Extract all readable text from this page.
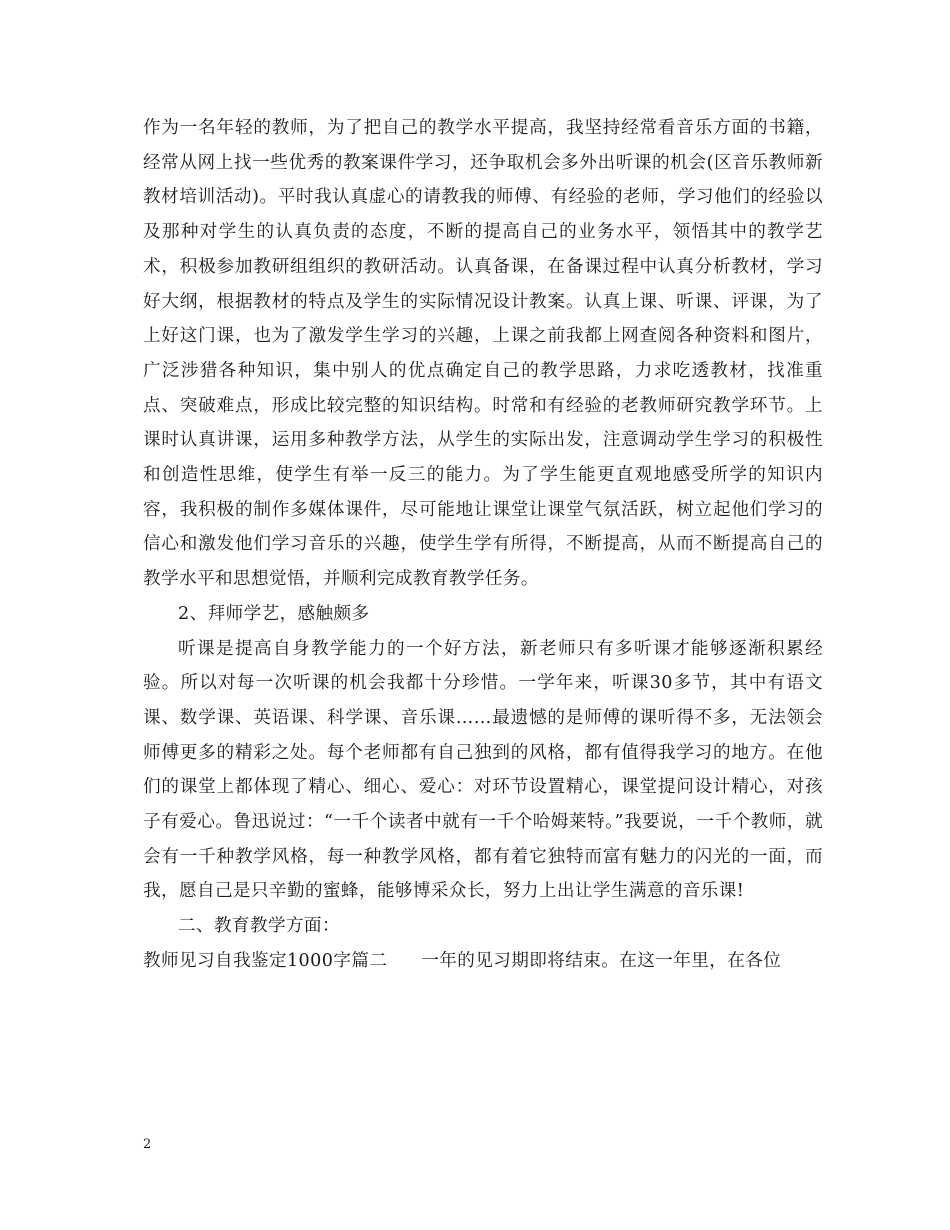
作为一名年轻的教师，为了把自己的教学水平提高，我坚持经常看音乐方面的书籍，经常从网上找一些优秀的教案课件学习，还争取机会多外出听课的机会(区音乐教师新教材培训活动)。平时我认真虚心的请教我的师傅、有经验的老师，学习他们的经验以及那种对学生的认真负责的态度，不断的提高自己的业务水平，领悟其中的教学艺术，积极参加教研组组织的教研活动。认真备课，在备课过程中认真分析教材，学习好大纲，根据教材的特点及学生的实际情况设计教案。认真上课、听课、评课，为了上好这门课，也为了激发学生学习的兴趣，上课之前我都上网查阅各种资料和图片，广泛涉猎各种知识，集中别人的优点确定自己的教学思路，力求吃透教材，找准重点、突破难点，形成比较完整的知识结构。时常和有经验的老教师研究教学环节。上课时认真讲课，运用多种教学方法，从学生的实际出发，注意调动学生学习的积极性和创造性思维，使学生有举一反三的能力。为了学生能更直观地感受所学的知识内容，我积极的制作多媒体课件，尽可能地让课堂让课堂气氛活跃，树立起他们学习的信心和激发他们学习音乐的兴趣，使学生学有所得，不断提高，从而不断提高自己的教学水平和思想觉悟，并顺利完成教育教学任务。

2、拜师学艺，感触颇多

听课是提高自身教学能力的一个好方法，新老师只有多听课才能够逐渐积累经验。所以对每一次听课的机会我都十分珍惜。一学年来，听课30多节，其中有语文课、数学课、英语课、科学课、音乐课……最遗憾的是师傅的课听得不多，无法领会师傅更多的精彩之处。每个老师都有自己独到的风格，都有值得我学习的地方。在他们的课堂上都体现了精心、细心、爱心：对环节设置精心，课堂提问设计精心，对孩子有爱心。鲁迅说过：“一千个读者中就有一千个哈姆莱特。”我要说，一千个教师，就会有一千种教学风格，每一种教学风格，都有着它独特而富有魅力的闪光的一面，而我，愿自己是只辛勤的蜜蜂，能够博采众长，努力上出让学生满意的音乐课!

二、教育教学方面：

教师见习自我鉴定1000字篇二 一年的见习期即将结束。在这一年里，在各位

2
